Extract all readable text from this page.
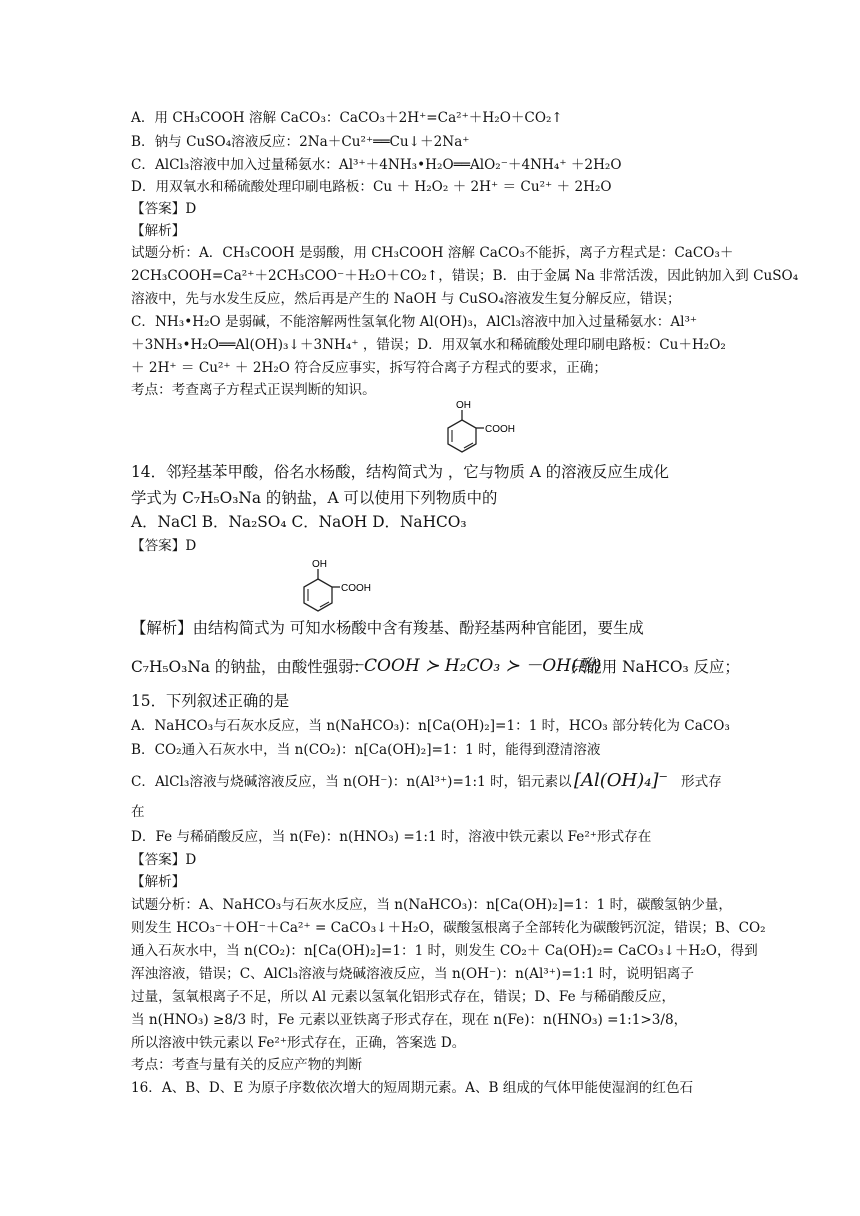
A．用 CH₃COOH 溶解 CaCO₃：CaCO₃＋2H⁺=Ca²⁺＋H₂O＋CO₂↑
B．钠与 CuSO₄溶液反应：2Na＋Cu²⁺══Cu↓＋2Na⁺
C．AlCl₃溶液中加入过量稀氨水：Al³⁺＋4NH₃•H₂O══AlO₂⁻＋4NH₄⁺ ＋2H₂O
D．用双氧水和稀硫酸处理印刷电路板：Cu ＋ H₂O₂ ＋ 2H⁺ ＝ Cu²⁺ ＋ 2H₂O
【答案】D
【解析】
试题分析：A．CH₃COOH 是弱酸，用 CH₃COOH 溶解 CaCO₃不能拆，离子方程式是：CaCO₃＋
2CH₃COOH=Ca²⁺＋2CH₃COO⁻＋H₂O＋CO₂↑，错误；B．由于金属 Na 非常活泼，因此钠加入到 CuSO₄
溶液中，先与水发生反应，然后再是产生的 NaOH 与 CuSO₄溶液发生复分解反应，错误；
C．NH₃•H₂O 是弱碱，不能溶解两性氢氧化物 Al(OH)₃，AlCl₃溶液中加入过量稀氨水：Al³⁺
＋3NH₃•H₂O══Al(OH)₃↓＋3NH₄⁺ ，错误；D．用双氧水和稀硫酸处理印刷电路板：Cu＋H₂O₂
＋ 2H⁺ ＝ Cu²⁺ ＋ 2H₂O 符合反应事实，拆写符合离子方程式的要求，正确；
考点：考查离子方程式正误判断的知识。
OH
COOH
14．邻羟基苯甲酸，俗名水杨酸，结构简式为 ，它与物质 A 的溶液反应生成化
学式为 C₇H₅O₃Na 的钠盐，A 可以使用下列物质中的
A．NaCl B．Na₂SO₄ C．NaOH D．NaHCO₃
【答案】D
OH
COOH
【解析】由结构简式为 可知水杨酸中含有羧基、酚羟基两种官能团，要生成
C₇H₅O₃Na 的钠盐，由酸性强弱：
－COOH ≻ H₂CO₃ ≻ －OH(酚)
只能用 NaHCO₃ 反应；
15．下列叙述正确的是
A．NaHCO₃与石灰水反应，当 n(NaHCO₃)：n[Ca(OH)₂]=1：1 时，HCO₃ 部分转化为 CaCO₃
B．CO₂通入石灰水中，当 n(CO₂)：n[Ca(OH)₂]=1：1 时，能得到澄清溶液
C．AlCl₃溶液与烧碱溶液反应，当 n(OH⁻)：n(Al³⁺)=1:1 时，铝元素以 [Al(OH)₄]⁻ 形式存
在
D．Fe 与稀硝酸反应，当 n(Fe)：n(HNO₃) =1:1 时，溶液中铁元素以 Fe²⁺形式存在
【答案】D
【解析】
试题分析：A、NaHCO₃与石灰水反应，当 n(NaHCO₃)：n[Ca(OH)₂]=1：1 时，碳酸氢钠少量，
则发生 HCO₃⁻＋OH⁻＋Ca²⁺ = CaCO₃↓＋H₂O，碳酸氢根离子全部转化为碳酸钙沉淀，错误；B、CO₂
通入石灰水中，当 n(CO₂)：n[Ca(OH)₂]=1：1 时，则发生 CO₂＋ Ca(OH)₂= CaCO₃↓＋H₂O，得到
浑浊溶液，错误；C、AlCl₃溶液与烧碱溶液反应，当 n(OH⁻)：n(Al³⁺)=1:1 时，说明铝离子
过量，氢氧根离子不足，所以 Al 元素以氢氧化铝形式存在，错误；D、Fe 与稀硝酸反应，
当 n(HNO₃) ≥8/3 时，Fe 元素以亚铁离子形式存在，现在 n(Fe)：n(HNO₃) =1:1>3/8，
所以溶液中铁元素以 Fe²⁺形式存在，正确，答案选 D。
考点：考查与量有关的反应产物的判断
16．A、B、D、E 为原子序数依次增大的短周期元素。A、B 组成的气体甲能使湿润的红色石
